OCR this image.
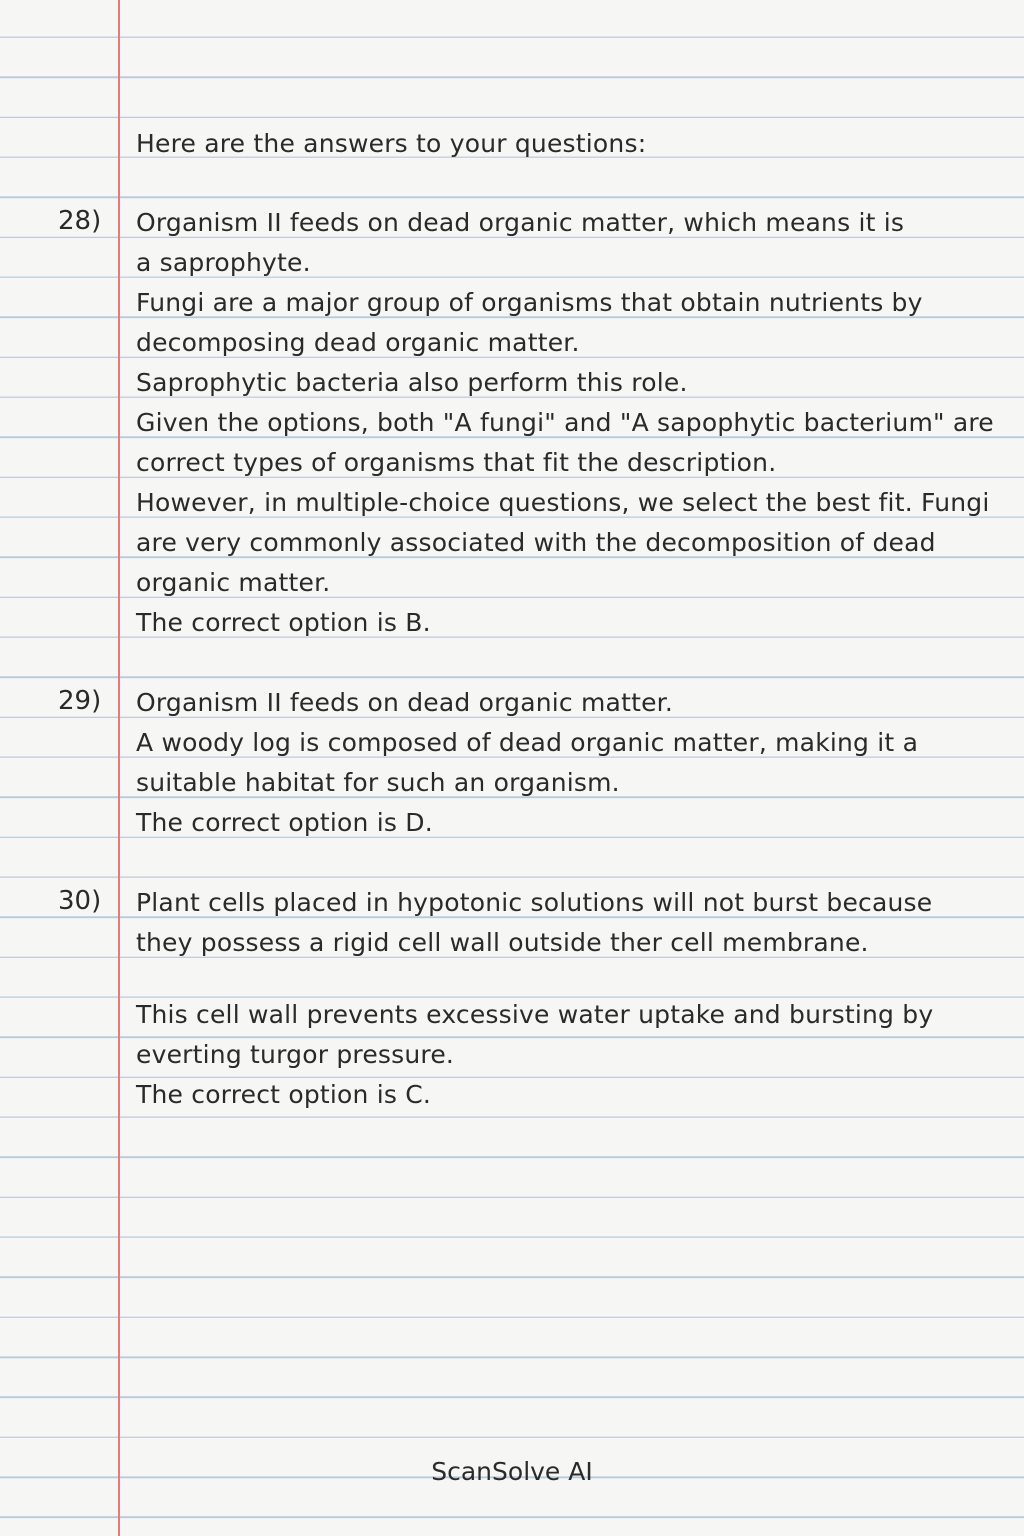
Here are the answers to your questions:
28) Organism II feeds on dead organic matter, which means it is
a saprophyte.
Fungi are a major group of organisms that obtain nutrients by
decomposing dead organic matter.
Saprophytic bacteria also perform this role.
Given the options, both "A fungi" and "A sapophytic bacterium" are
correct types of organisms that fit the description.
However, in multiple-choice questions, we select the best fit. Fungi
are very commonly associated with the decomposition of dead
organic matter.
The correct option is B.
29) Organism II feeds on dead organic matter.
A woody log is composed of dead organic matter, making it a
suitable habitat for such an organism.
The correct option is D.
30) Plant cells placed in hypotonic solutions will not burst because
they possess a rigid cell wall outside ther cell membrane.
This cell wall prevents excessive water uptake and bursting by
everting turgor pressure.
The correct option is C.
ScanSolve AI
